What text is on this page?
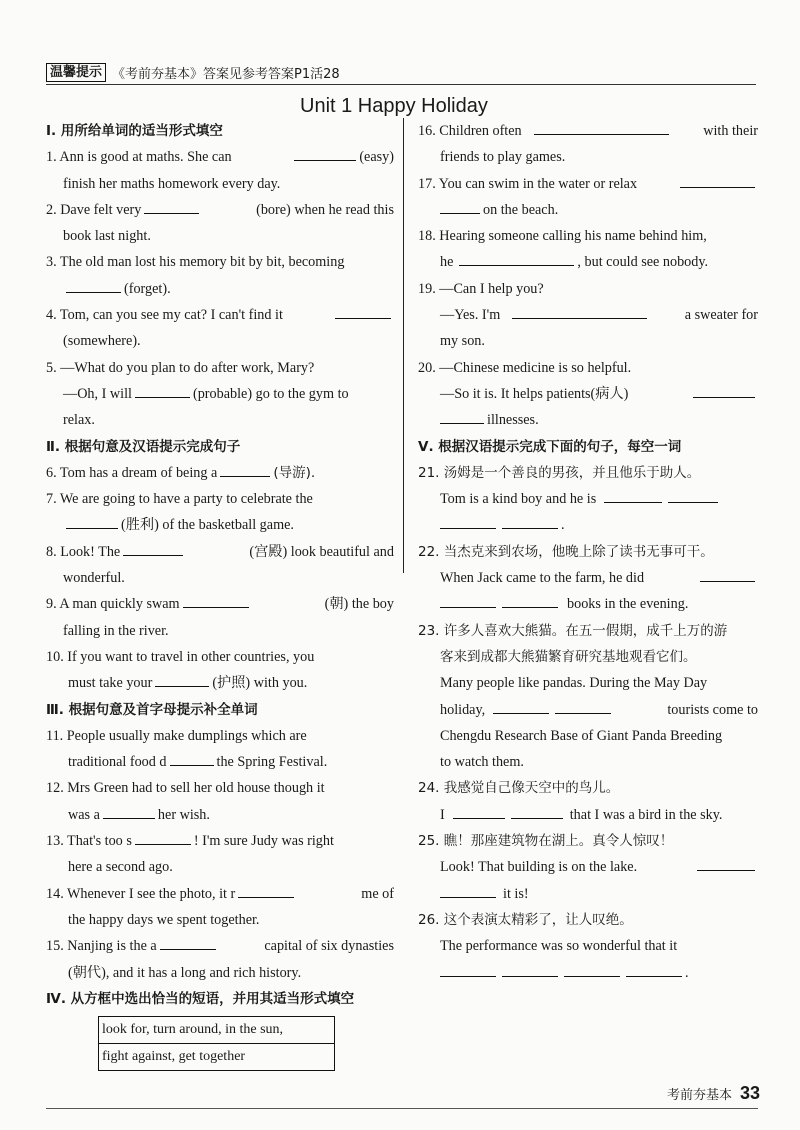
温馨提示 《考前夯基本》答案见参考答案P1活28
Unit 1 Happy Holiday
Ⅰ. 用所给单词的适当形式填空
1. Ann is good at maths. She can	(easy)
finish her maths homework every day.
2. Dave felt very	(bore) when he read this
book last night.
3. The old man lost his memory bit by bit, becoming
(forget).
4. Tom, can you see my cat? I can't find it
(somewhere).
5. —What do you plan to do after work, Mary?
—Oh, I will	(probable) go to the gym to
relax.
Ⅱ. 根据句意及汉语提示完成句子
6. Tom has a dream of being a	(导游).
7. We are going to have a party to celebrate the
(胜利) of the basketball game.
8. Look! The	(宫殿) look beautiful and
wonderful.
9. A man quickly swam	(朝) the boy
falling in the river.
10. If you want to travel in other countries, you
must take your	(护照) with you.
Ⅲ. 根据句意及首字母提示补全单词
11. People usually make dumplings which are
traditional food d	the Spring Festival.
12. Mrs Green had to sell her old house though it
was a	her wish.
13. That's too s	! I'm sure Judy was right
here a second ago.
14. Whenever I see the photo, it r	me of
the happy days we spent together.
15. Nanjing is the a	capital of six dynasties
(朝代), and it has a long and rich history.
Ⅳ. 从方框中选出恰当的短语，并用其适当形式填空
look for, turn around, in the sun,
fight against, get together
16. Children often	with their
friends to play games.
17. You can swim in the water or relax
on the beach.
18. Hearing someone calling his name behind him,
he	, but could see nobody.
19. —Can I help you?
—Yes. I'm	a sweater for
my son.
20. —Chinese medicine is so helpful.
—So it is. It helps patients(病人)
illnesses.
Ⅴ. 根据汉语提示完成下面的句子，每空一词
21. 汤姆是一个善良的男孩，并且他乐于助人。
Tom is a kind boy and he is
.
22. 当杰克来到农场，他晚上除了读书无事可干。
When Jack came to the farm, he did
books in the evening.
23. 许多人喜欢大熊猫。在五一假期，成千上万的游
客来到成都大熊猫繁育研究基地观看它们。
Many people like pandas. During the May Day
holiday,	tourists come to
Chengdu Research Base of Giant Panda Breeding
to watch them.
24. 我感觉自己像天空中的鸟儿。
I	that I was a bird in the sky.
25. 瞧！那座建筑物在湖上。真令人惊叹！
Look! That building is on the lake.
it is!
26. 这个表演太精彩了，让人叹绝。
The performance was so wonderful that it
.
考前夯基本 33
